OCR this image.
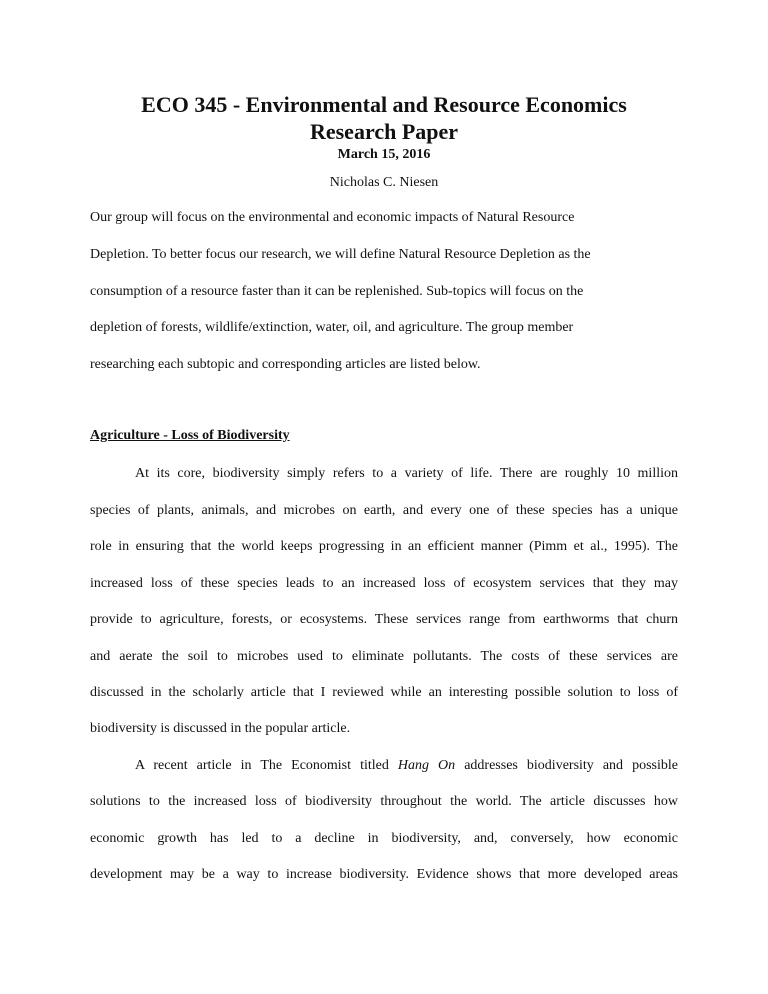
ECO 345 - Environmental and Resource Economics
Research Paper
March 15, 2016
Nicholas C. Niesen
Our group will focus on the environmental and economic impacts of Natural Resource
Depletion. To better focus our research, we will define Natural Resource Depletion as the
consumption of a resource faster than it can be replenished. Sub-topics will focus on the
depletion of forests, wildlife/extinction, water, oil, and agriculture. The group member
researching each subtopic and corresponding articles are listed below.
Agriculture - Loss of Biodiversity
At its core, biodiversity simply refers to a variety of life. There are roughly 10 million
species of plants, animals, and microbes on earth, and every one of these species has a unique
role in ensuring that the world keeps progressing in an efficient manner (Pimm et al., 1995). The
increased loss of these species leads to an increased loss of ecosystem services that they may
provide to agriculture, forests, or ecosystems. These services range from earthworms that churn
and aerate the soil to microbes used to eliminate pollutants. The costs of these services are
discussed in the scholarly article that I reviewed while an interesting possible solution to loss of
biodiversity is discussed in the popular article.
A recent article in The Economist titled Hang On addresses biodiversity and possible
solutions to the increased loss of biodiversity throughout the world. The article discusses how
economic growth has led to a decline in biodiversity, and, conversely, how economic
development may be a way to increase biodiversity. Evidence shows that more developed areas
